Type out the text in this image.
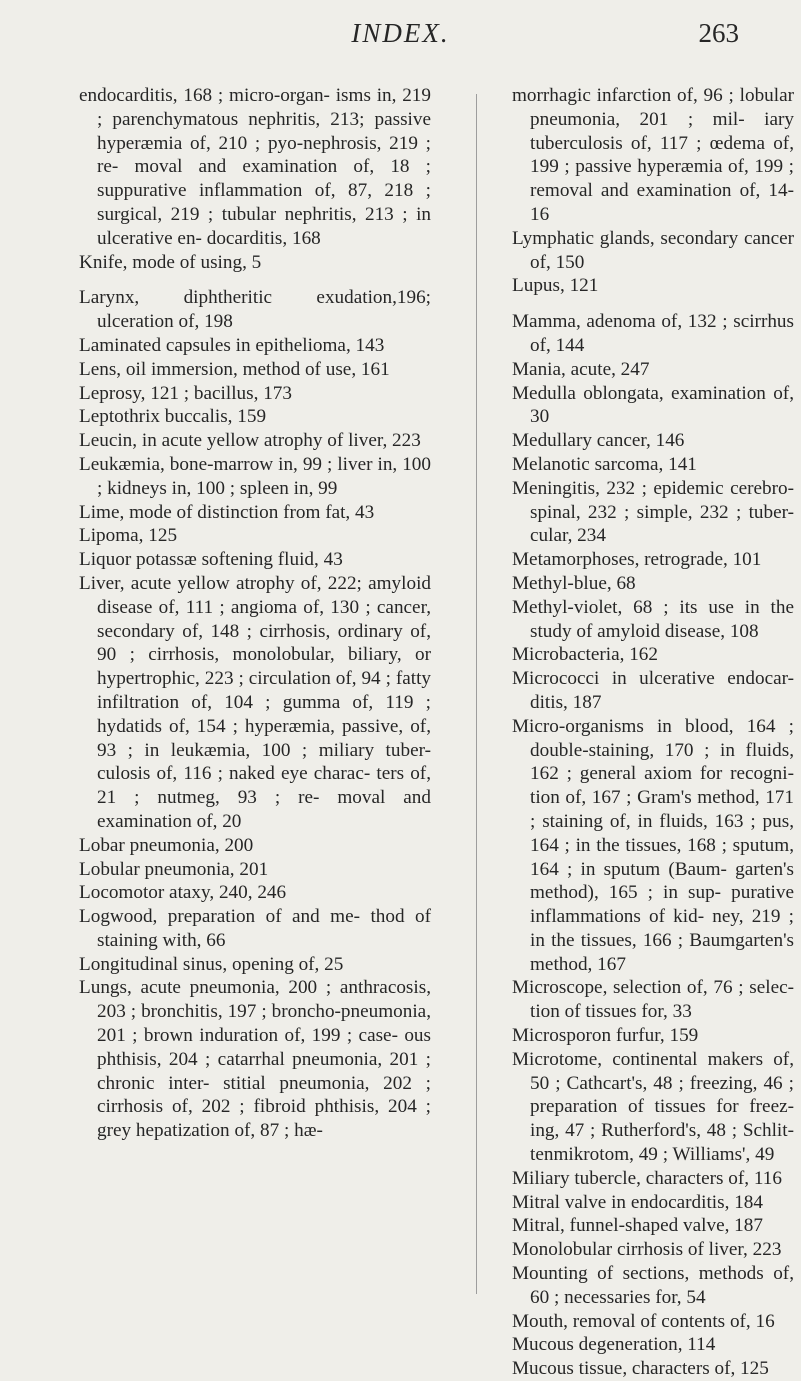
INDEX.	263

endocarditis, 168 ; micro-organ- isms in, 219 ; parenchymatous nephritis, 213; passive hyperæmia of, 210 ; pyo-nephrosis, 219 ; re- moval and examination of, 18 ; suppurative inflammation of, 87, 218 ; surgical, 219 ; tubular nephritis, 213 ; in ulcerative en- docarditis, 168

Knife, mode of using, 5

Larynx, diphtheritic exudation,196; ulceration of, 198

Laminated capsules in epithelioma, 143

Lens, oil immersion, method of use, 161

Leprosy, 121 ; bacillus, 173

Leptothrix buccalis, 159

Leucin, in acute yellow atrophy of liver, 223

Leukæmia, bone-marrow in, 99 ; liver in, 100 ; kidneys in, 100 ; spleen in, 99

Lime, mode of distinction from fat, 43

Lipoma, 125

Liquor potassæ softening fluid, 43

Liver, acute yellow atrophy of, 222; amyloid disease of, 111 ; angioma of, 130 ; cancer, secondary of, 148 ; cirrhosis, ordinary of, 90 ; cirrhosis, monolobular, biliary, or hypertrophic, 223 ; circulation of, 94 ; fatty infiltration of, 104 ; gumma of, 119 ; hydatids of, 154 ; hyperæmia, passive, of, 93 ; in leukæmia, 100 ; miliary tuber- culosis of, 116 ; naked eye charac- ters of, 21 ; nutmeg, 93 ; re- moval and examination of, 20

Lobar pneumonia, 200

Lobular pneumonia, 201

Locomotor ataxy, 240, 246

Logwood, preparation of and me- thod of staining with, 66

Longitudinal sinus, opening of, 25

Lungs, acute pneumonia, 200 ; anthracosis, 203 ; bronchitis, 197 ; broncho-pneumonia, 201 ; brown induration of, 199 ; case- ous phthisis, 204 ; catarrhal pneumonia, 201 ; chronic inter- stitial pneumonia, 202 ; cirrhosis of, 202 ; fibroid phthisis, 204 ; grey hepatization of, 87 ; hæ-

morrhagic infarction of, 96 ; lobular pneumonia, 201 ; mil- iary tuberculosis of, 117 ; œdema of, 199 ; passive hyperæmia of, 199 ; removal and examination of, 14-16

Lymphatic glands, secondary cancer of, 150

Lupus, 121

Mamma, adenoma of, 132 ; scirrhus of, 144

Mania, acute, 247

Medulla oblongata, examination of, 30

Medullary cancer, 146

Melanotic sarcoma, 141

Meningitis, 232 ; epidemic cerebro- spinal, 232 ; simple, 232 ; tuber- cular, 234

Metamorphoses, retrograde, 101

Methyl-blue, 68

Methyl-violet, 68 ; its use in the study of amyloid disease, 108

Microbacteria, 162

Micrococci in ulcerative endocar- ditis, 187

Micro-organisms in blood, 164 ; double-staining, 170 ; in fluids, 162 ; general axiom for recogni- tion of, 167 ; Gram's method, 171 ; staining of, in fluids, 163 ; pus, 164 ; in the tissues, 168 ; sputum, 164 ; in sputum (Baum- garten's method), 165 ; in sup- purative inflammations of kid- ney, 219 ; in the tissues, 166 ; Baumgarten's method, 167

Microscope, selection of, 76 ; selec- tion of tissues for, 33

Microsporon furfur, 159

Microtome, continental makers of, 50 ; Cathcart's, 48 ; freezing, 46 ; preparation of tissues for freez- ing, 47 ; Rutherford's, 48 ; Schlit- tenmikrotom, 49 ; Williams', 49

Miliary tubercle, characters of, 116

Mitral valve in endocarditis, 184

Mitral, funnel-shaped valve, 187

Monolobular cirrhosis of liver, 223

Mounting of sections, methods of, 60 ; necessaries for, 54

Mouth, removal of contents of, 16

Mucous degeneration, 114

Mucous tissue, characters of, 125
